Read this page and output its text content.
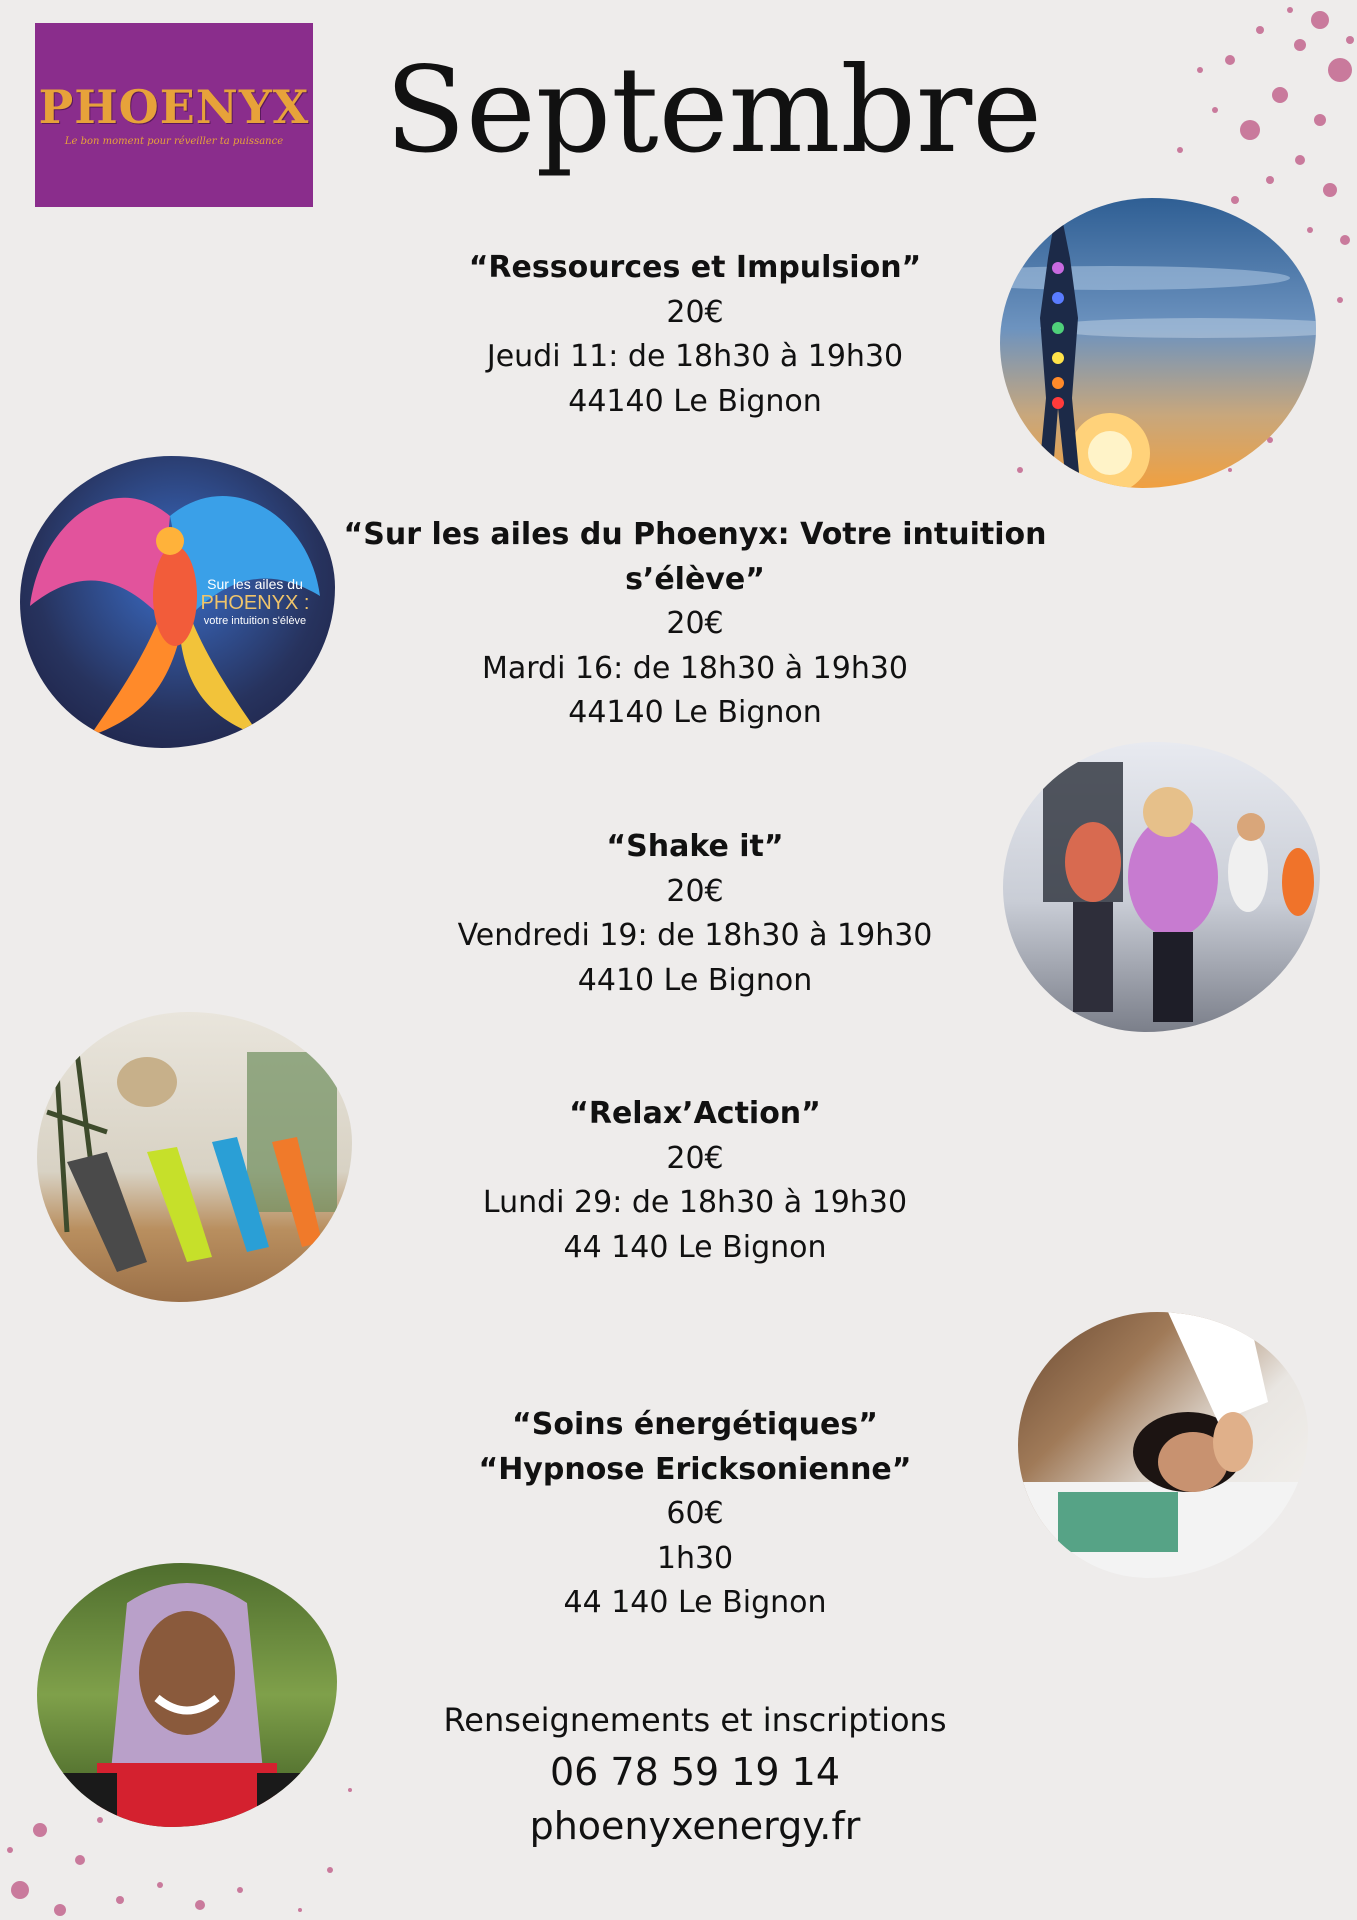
PHOENYX
Le bon moment pour réveiller ta puissance Septembre
“Ressources et Impulsion”
20€
Jeudi 11: de 18h30 à 19h30
44140 Le Bignon
Sur les ailes du
PHOENYX :
votre intuition s'élève
“Sur les ailes du Phoenyx: Votre intuition
s’élève”
20€
Mardi 16: de 18h30 à 19h30
44140 Le Bignon
“Shake it”
20€
Vendredi 19: de 18h30 à 19h30
4410 Le Bignon
“Relax’Action”
20€
Lundi 29: de 18h30 à 19h30
44 140 Le Bignon
“Soins énergétiques”
“Hypnose Ericksonienne”
60€
1h30
44 140 Le Bignon
Renseignements et inscriptions
06 78 59 19 14
phoenyxenergy.fr
